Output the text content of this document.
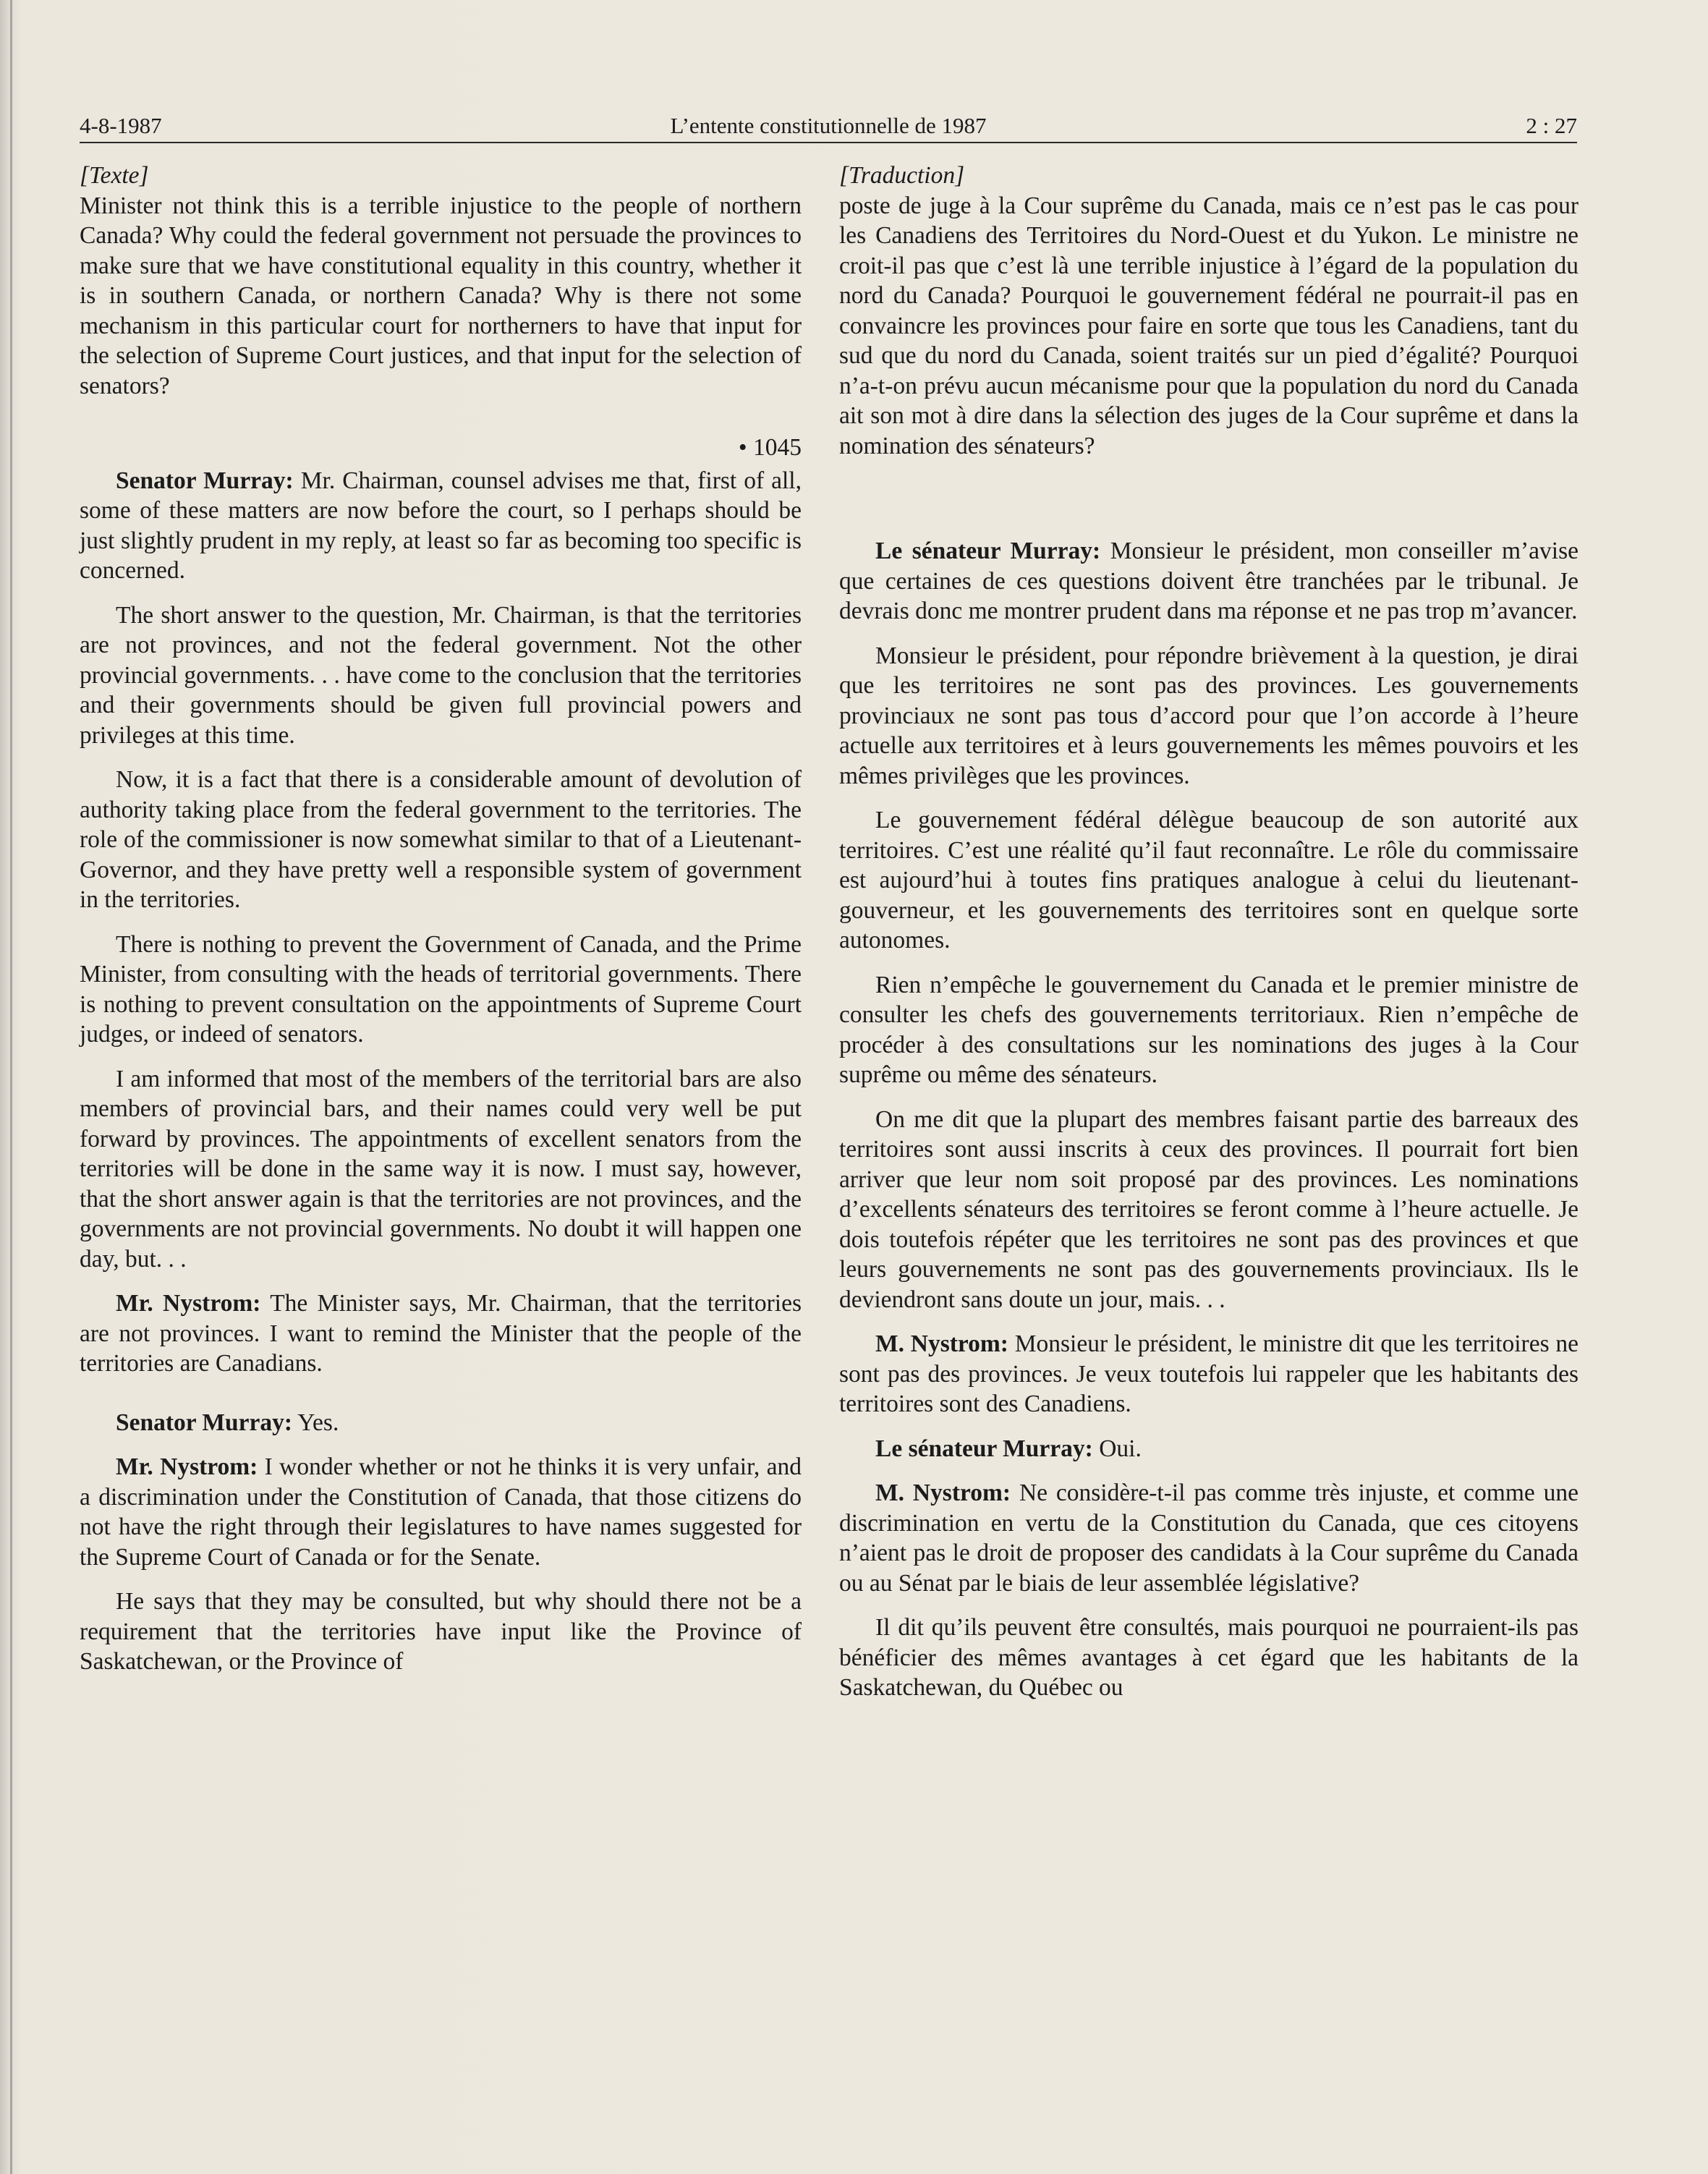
4-8-1987	L’entente constitutionnelle de 1987	2 : 27

[Texte]

Minister not think this is a terrible injustice to the people of northern Canada? Why could the federal government not persuade the provinces to make sure that we have constitutional equality in this country, whether it is in southern Canada, or northern Canada? Why is there not some mechanism in this particular court for northerners to have that input for the selection of Supreme Court justices, and that input for the selection of senators?

• 1045

Senator Murray: Mr. Chairman, counsel advises me that, first of all, some of these matters are now before the court, so I perhaps should be just slightly prudent in my reply, at least so far as becoming too specific is concerned.

The short answer to the question, Mr. Chairman, is that the territories are not provinces, and not the federal government. Not the other provincial governments. . . have come to the conclusion that the territories and their governments should be given full provincial powers and privileges at this time.

Now, it is a fact that there is a considerable amount of devolution of authority taking place from the federal government to the territories. The role of the commissioner is now somewhat similar to that of a Lieutenant-Governor, and they have pretty well a responsible system of government in the territories.

There is nothing to prevent the Government of Canada, and the Prime Minister, from consulting with the heads of territorial governments. There is nothing to prevent consultation on the appointments of Supreme Court judges, or indeed of senators.

I am informed that most of the members of the territorial bars are also members of provincial bars, and their names could very well be put forward by provinces. The appointments of excellent senators from the territories will be done in the same way it is now. I must say, however, that the short answer again is that the territories are not provinces, and the governments are not provincial governments. No doubt it will happen one day, but. . .

Mr. Nystrom: The Minister says, Mr. Chairman, that the territories are not provinces. I want to remind the Minister that the people of the territories are Canadians.

Senator Murray: Yes.

Mr. Nystrom: I wonder whether or not he thinks it is very unfair, and a discrimination under the Constitution of Canada, that those citizens do not have the right through their legislatures to have names suggested for the Supreme Court of Canada or for the Senate.

He says that they may be consulted, but why should there not be a requirement that the territories have input like the Province of Saskatchewan, or the Province of

[Traduction]

poste de juge à la Cour suprême du Canada, mais ce n’est pas le cas pour les Canadiens des Territoires du Nord-Ouest et du Yukon. Le ministre ne croit-il pas que c’est là une terrible injustice à l’égard de la population du nord du Canada? Pourquoi le gouvernement fédéral ne pourrait-il pas en convaincre les provinces pour faire en sorte que tous les Canadiens, tant du sud que du nord du Canada, soient traités sur un pied d’égalité? Pourquoi n’a-t-on prévu aucun mécanisme pour que la population du nord du Canada ait son mot à dire dans la sélection des juges de la Cour suprême et dans la nomination des sénateurs?

Le sénateur Murray: Monsieur le président, mon conseiller m’avise que certaines de ces questions doivent être tranchées par le tribunal. Je devrais donc me montrer prudent dans ma réponse et ne pas trop m’avancer.

Monsieur le président, pour répondre brièvement à la question, je dirai que les territoires ne sont pas des provinces. Les gouvernements provinciaux ne sont pas tous d’accord pour que l’on accorde à l’heure actuelle aux territoires et à leurs gouvernements les mêmes pouvoirs et les mêmes privilèges que les provinces.

Le gouvernement fédéral délègue beaucoup de son autorité aux territoires. C’est une réalité qu’il faut reconnaître. Le rôle du commissaire est aujourd’hui à toutes fins pratiques analogue à celui du lieutenant-gouverneur, et les gouvernements des territoires sont en quelque sorte autonomes.

Rien n’empêche le gouvernement du Canada et le premier ministre de consulter les chefs des gouvernements territoriaux. Rien n’empêche de procéder à des consultations sur les nominations des juges à la Cour suprême ou même des sénateurs.

On me dit que la plupart des membres faisant partie des barreaux des territoires sont aussi inscrits à ceux des provinces. Il pourrait fort bien arriver que leur nom soit proposé par des provinces. Les nominations d’excellents sénateurs des territoires se feront comme à l’heure actuelle. Je dois toutefois répéter que les territoires ne sont pas des provinces et que leurs gouvernements ne sont pas des gouvernements provinciaux. Ils le deviendront sans doute un jour, mais. . .

M. Nystrom: Monsieur le président, le ministre dit que les territoires ne sont pas des provinces. Je veux toutefois lui rappeler que les habitants des territoires sont des Canadiens.

Le sénateur Murray: Oui.

M. Nystrom: Ne considère-t-il pas comme très injuste, et comme une discrimination en vertu de la Constitution du Canada, que ces citoyens n’aient pas le droit de proposer des candidats à la Cour suprême du Canada ou au Sénat par le biais de leur assemblée législative?

Il dit qu’ils peuvent être consultés, mais pourquoi ne pourraient-ils pas bénéficier des mêmes avantages à cet égard que les habitants de la Saskatchewan, du Québec ou
